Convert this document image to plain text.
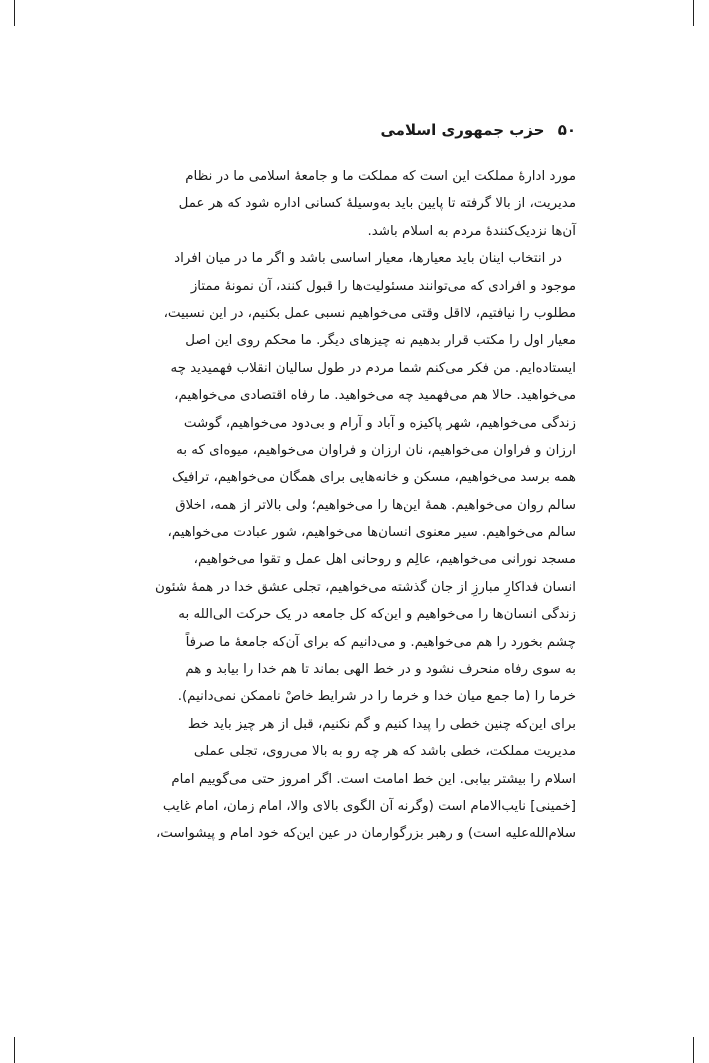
۵۰ حزب جمهوری اسلامی
مورد ادارهٔ مملکت این است که مملکت ما و جامعهٔ اسلامی ما در نظام
مدیریت، از بالا گرفته تا پایین باید به‌وسیلهٔ کسانی اداره شود که هر عمل
آن‌ها نزدیک‌کنندهٔ مردم به اسلام باشد.
در انتخاب اینان باید معیارها، معیار اساسی باشد و اگر ما در میان افراد
موجود و افرادی که می‌توانند مسئولیت‌ها را قبول کنند، آن نمونهٔ ممتاز
مطلوب را نیافتیم، لااقل وقتی می‌خواهیم نسبی عمل بکنیم، در این نسبیت،
معیار اول را مکتب قرار بدهیم نه چیزهای دیگر. ما محکم روی این اصل
ایستاده‌ایم. من فکر می‌کنم شما مردم در طول سالیان انقلاب فهمیدید چه
می‌خواهید. حالا هم می‌فهمید چه می‌خواهید. ما رفاه اقتصادی می‌خواهیم،
زندگی می‌خواهیم، شهر پاکیزه و آباد و آرام و بی‌دود می‌خواهیم، گوشت
ارزان و فراوان می‌خواهیم، نان ارزان و فراوان می‌خواهیم، میوه‌ای که به
همه برسد می‌خواهیم، مسکن و خانه‌هایی برای همگان می‌خواهیم، ترافیک
سالم روان می‌خواهیم. همهٔ این‌ها را می‌خواهیم؛ ولی بالاتر از همه، اخلاق
سالم می‌خواهیم. سیر معنوی انسان‌ها می‌خواهیم، شور عبادت می‌خواهیم،
مسجد نورانی می‌خواهیم، عالِم و روحانی اهل عمل و تقوا می‌خواهیم،
انسان فداکارِ مبارزِ از جان گذشته می‌خواهیم، تجلی عشق خدا در همهٔ شئون
زندگی انسان‌ها را می‌خواهیم و این‌که کل جامعه در یک حرکت الی‌الله به
چشم بخورد را هم می‌خواهیم. و می‌دانیم که برای آن‌که جامعهٔ ما صرفاً
به سوی رفاه منحرف نشود و در خط الهی بماند تا هم خدا را بیابد و هم
خرما را (ما جمع میان خدا و خرما را در شرایط خاصْ ناممکن نمی‌دانیم).
برای این‌که چنین خطی را پیدا کنیم و گم نکنیم، قبل از هر چیز باید خط
مدیریت مملکت، خطی باشد که هر چه رو به بالا می‌روی، تجلی عملی
اسلام را بیشتر بیابی. این خط امامت است. اگر امروز حتی می‌گوییم امام
[خمینی] نایب‌الامام است (وگرنه آن الگوی بالای والا، امام زمان، امام غایب
سلام‌الله‌علیه است) و رهبر بزرگوارمان در عین این‌که خود امام و پیشواست،
